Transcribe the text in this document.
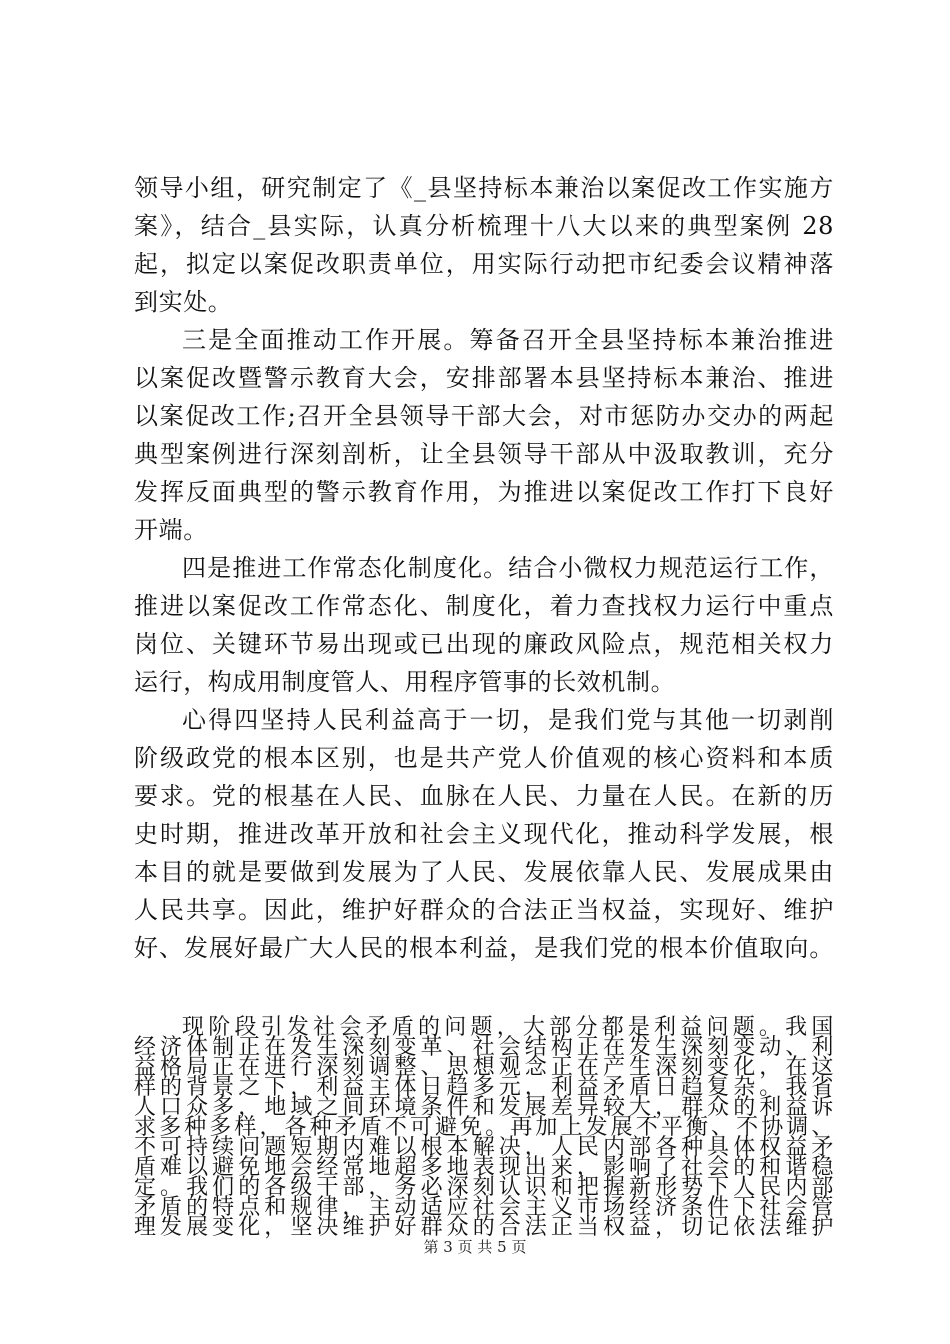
领导小组，研究制定了《_县坚持标本兼治以案促改工作实施方
案》，结合_县实际，认真分析梳理十八大以来的典型案例 28
起，拟定以案促改职责单位，用实际行动把市纪委会议精神落
到实处。
三是全面推动工作开展。筹备召开全县坚持标本兼治推进
以案促改暨警示教育大会，安排部署本县坚持标本兼治、推进
以案促改工作;召开全县领导干部大会，对市惩防办交办的两起
典型案例进行深刻剖析，让全县领导干部从中汲取教训，充分
发挥反面典型的警示教育作用，为推进以案促改工作打下良好
开端。
四是推进工作常态化制度化。结合小微权力规范运行工作，
推进以案促改工作常态化、制度化，着力查找权力运行中重点
岗位、关键环节易出现或已出现的廉政风险点，规范相关权力
运行，构成用制度管人、用程序管事的长效机制。
心得四坚持人民利益高于一切，是我们党与其他一切剥削
阶级政党的根本区别，也是共产党人价值观的核心资料和本质
要求。党的根基在人民、血脉在人民、力量在人民。在新的历
史时期，推进改革开放和社会主义现代化，推动科学发展，根
本目的就是要做到发展为了人民、发展依靠人民、发展成果由
人民共享。因此，维护好群众的合法正当权益，实现好、维护
好、发展好最广大人民的根本利益，是我们党的根本价值取向。
现阶段引发社会矛盾的问题，大部分都是利益问题。我国
经济体制正在发生深刻变革、社会结构正在发生深刻变动、利
益格局正在进行深刻调整、思想观念正在产生深刻变化，在这
样的背景之下，利益主体日趋多元，利益矛盾日趋复杂。我省
人口众多，地域之间环境条件和发展差异较大，群众的利益诉
求多种多样，各种矛盾不可避免。再加上发展不平衡、不协调、
不可持续问题短期内难以根本解决，人民内部各种具体权益矛
盾难以避免地会经常地超多地表现出来，影响了社会的和谐稳
定。我们的各级干部，务必深刻认识和把握新形势下人民内部
矛盾的特点和规律，主动适应社会主义市场经济条件下社会管
理发展变化，坚决维护好群众的合法正当权益，切记依法维护
第 3 页 共 5 页
